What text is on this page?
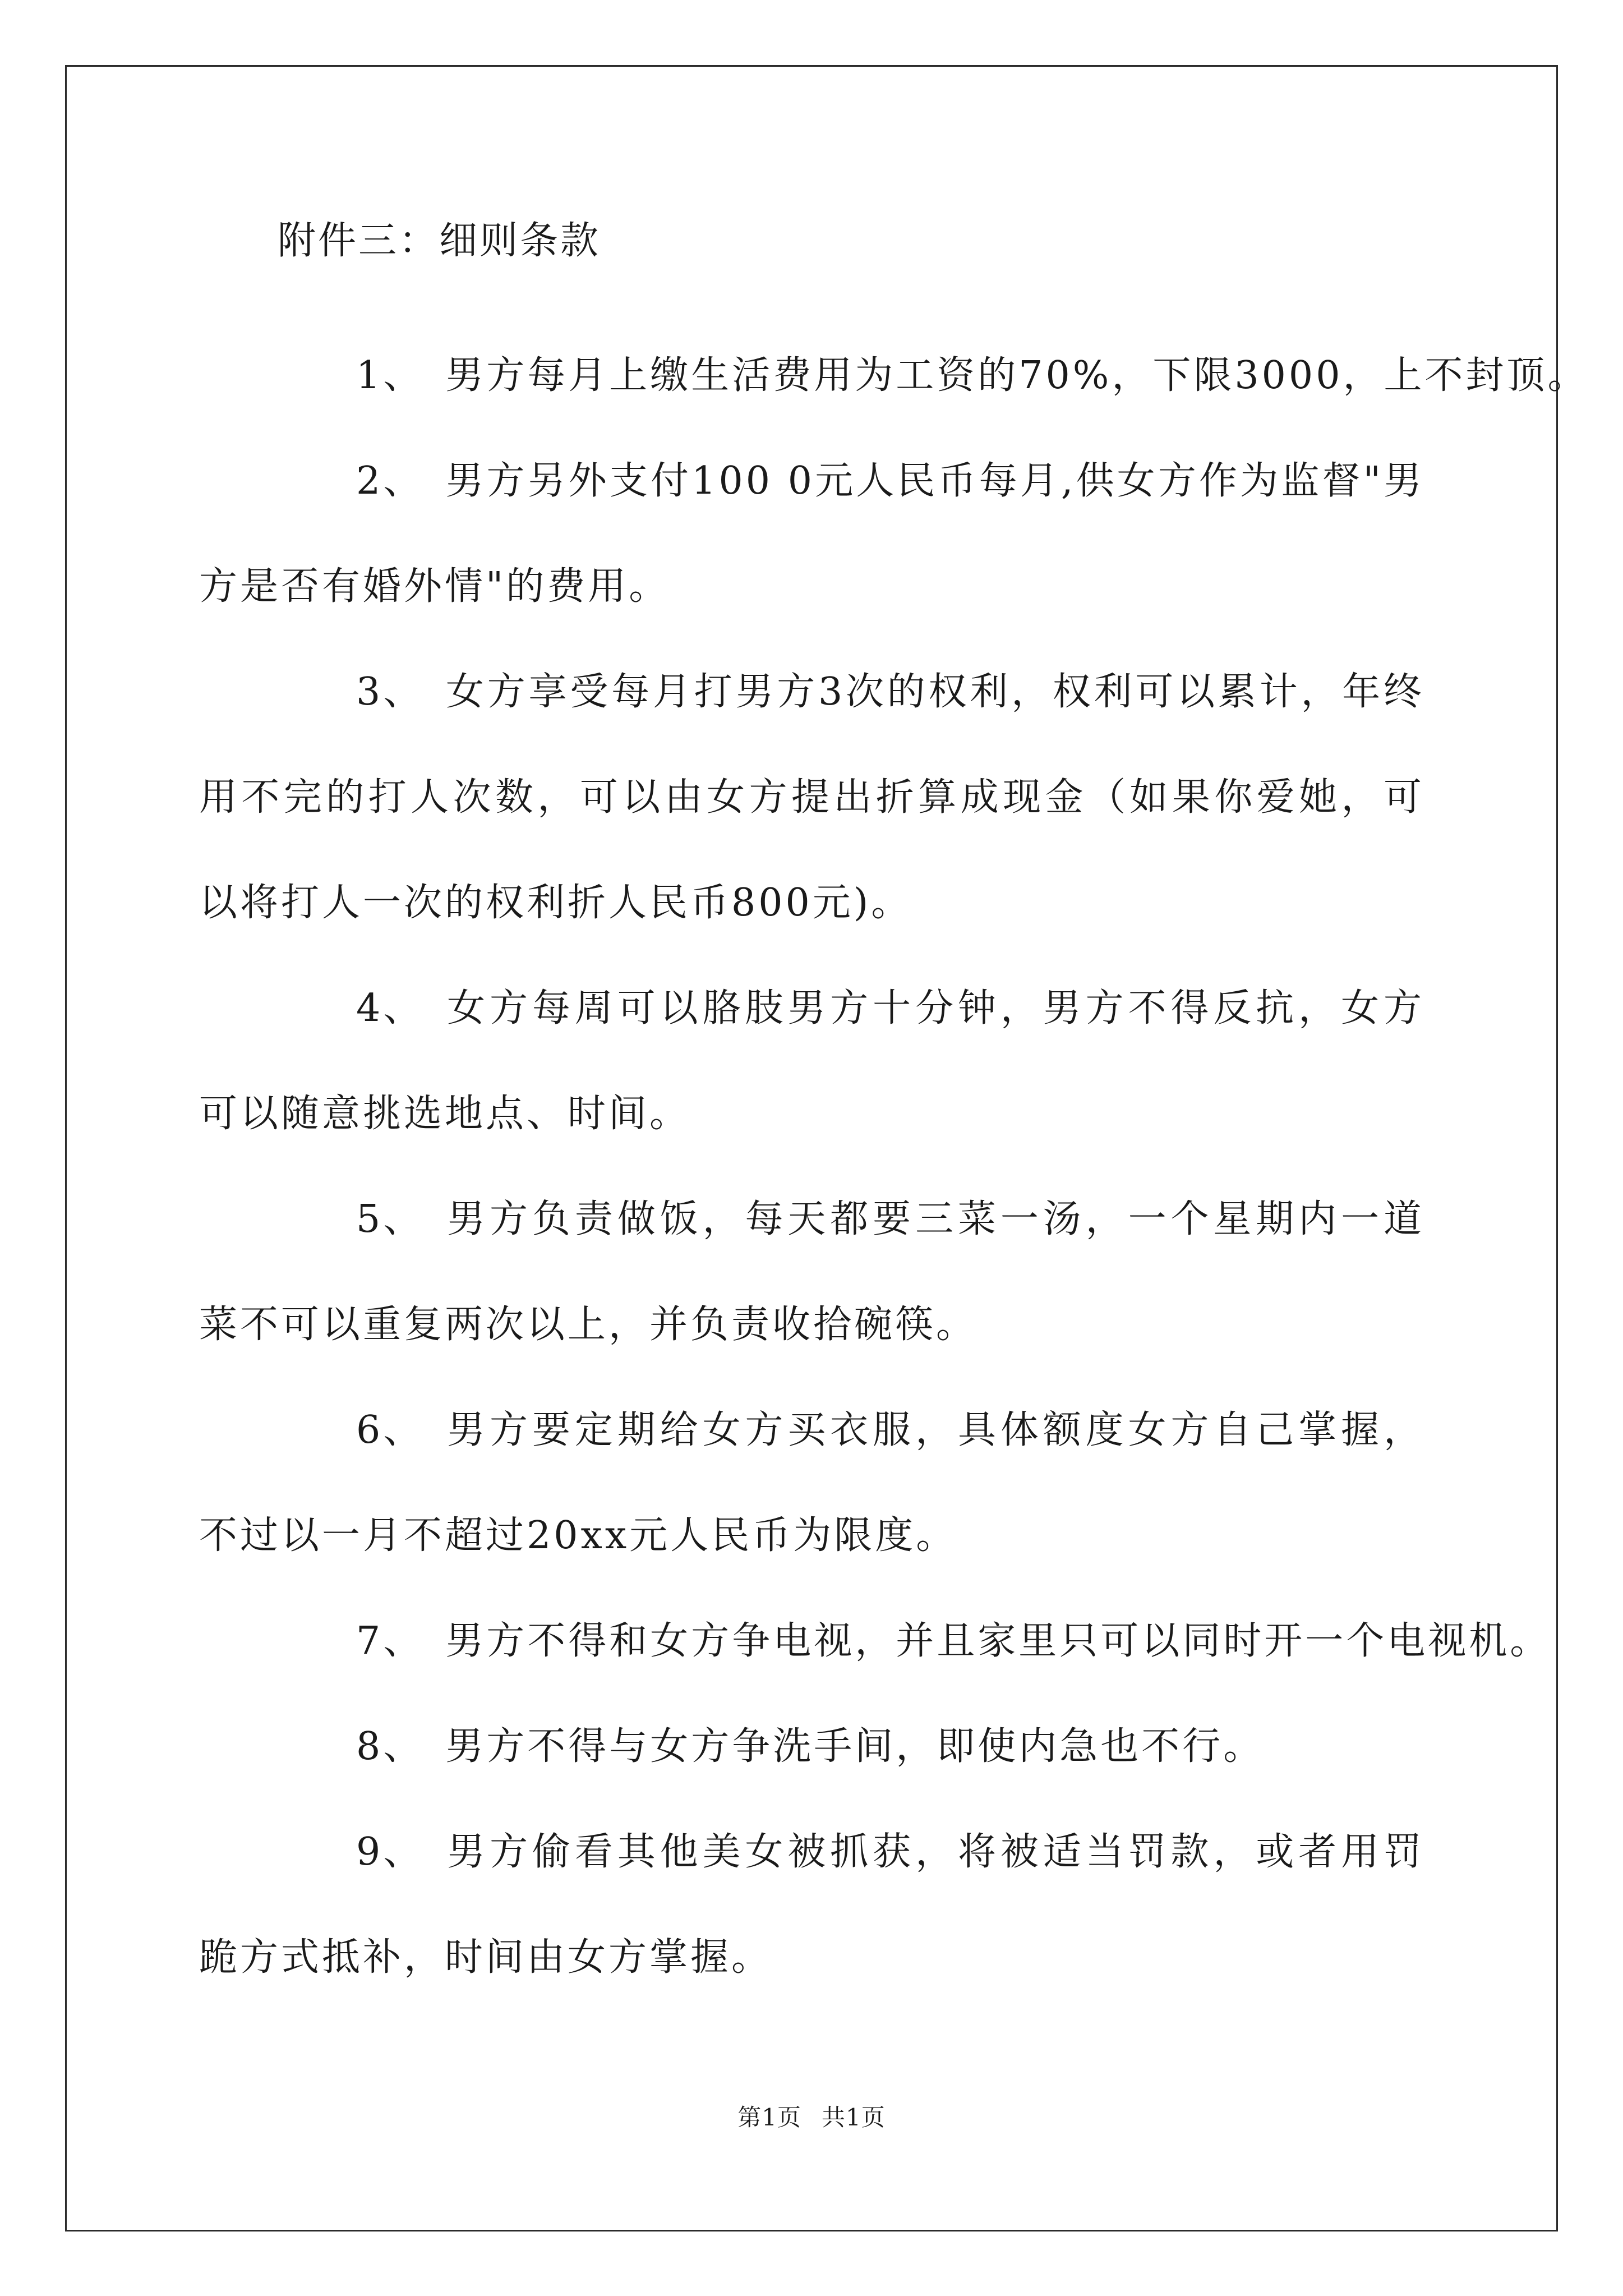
附件三：细则条款

1、 男方每月上缴生活费用为工资的70%，下限3000，上不封顶。

2、 男方另外支付100 0元人民币每月,供女方作为监督"男方是否有婚外情"的费用。

3、 女方享受每月打男方3次的权利，权利可以累计，年终用不完的打人次数，可以由女方提出折算成现金（如果你爱她，可以将打人一次的权利折人民币800元)。

4、 女方每周可以胳肢男方十分钟，男方不得反抗，女方可以随意挑选地点、时间。

5、 男方负责做饭，每天都要三菜一汤，一个星期内一道菜不可以重复两次以上，并负责收拾碗筷。

6、 男方要定期给女方买衣服，具体额度女方自己掌握，不过以一月不超过20xx元人民币为限度。

7、 男方不得和女方争电视，并且家里只可以同时开一个电视机。

8、 男方不得与女方争洗手间，即使内急也不行。

9、 男方偷看其他美女被抓获，将被适当罚款，或者用罚跪方式抵补，时间由女方掌握。

第1页 共1页
